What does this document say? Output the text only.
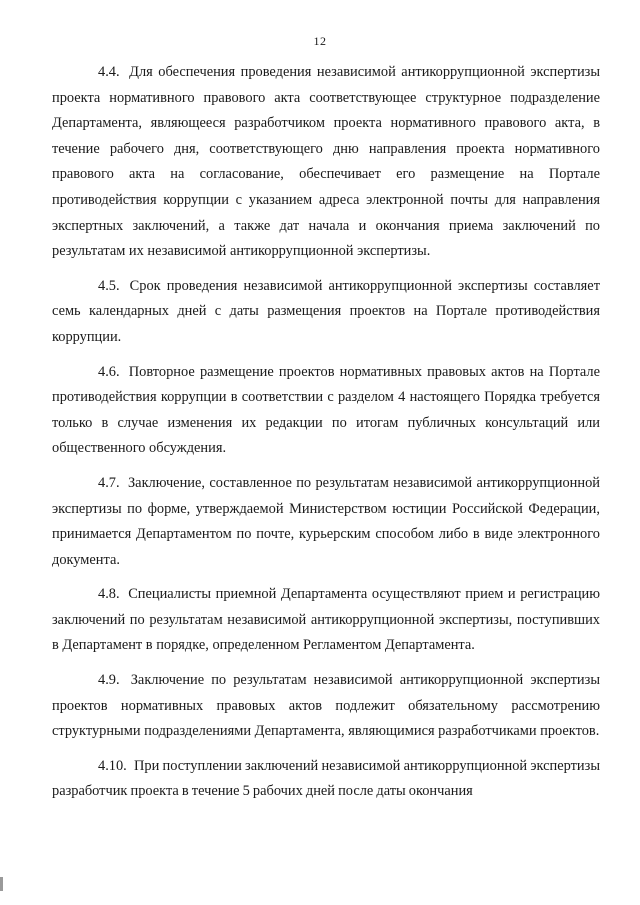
12

4.4. Для обеспечения проведения независимой антикоррупционной экспертизы проекта нормативного правового акта соответствующее структурное подразделение Департамента, являющееся разработчиком проекта нормативного правового акта, в течение рабочего дня, соответствующего дню направления проекта нормативного правового акта на согласование, обеспечивает его размещение на Портале противодействия коррупции с указанием адреса электронной почты для направления экспертных заключений, а также дат начала и окончания приема заключений по результатам их независимой антикоррупционной экспертизы.

4.5. Срок проведения независимой антикоррупционной экспертизы составляет семь календарных дней с даты размещения проектов на Портале противодействия коррупции.

4.6. Повторное размещение проектов нормативных правовых актов на Портале противодействия коррупции в соответствии с разделом 4 настоящего Порядка требуется только в случае изменения их редакции по итогам публичных консультаций или общественного обсуждения.

4.7. Заключение, составленное по результатам независимой антикоррупционной экспертизы по форме, утверждаемой Министерством юстиции Российской Федерации, принимается Департаментом по почте, курьерским способом либо в виде электронного документа.

4.8. Специалисты приемной Департамента осуществляют прием и регистрацию заключений по результатам независимой антикоррупционной экспертизы, поступивших в Департамент в порядке, определенном Регламентом Департамента.

4.9. Заключение по результатам независимой антикоррупционной экспертизы проектов нормативных правовых актов подлежит обязательному рассмотрению структурными подразделениями Департамента, являющимися разработчиками проектов.

4.10. При поступлении заключений независимой антикоррупционной экспертизы разработчик проекта в течение 5 рабочих дней после даты окончания
